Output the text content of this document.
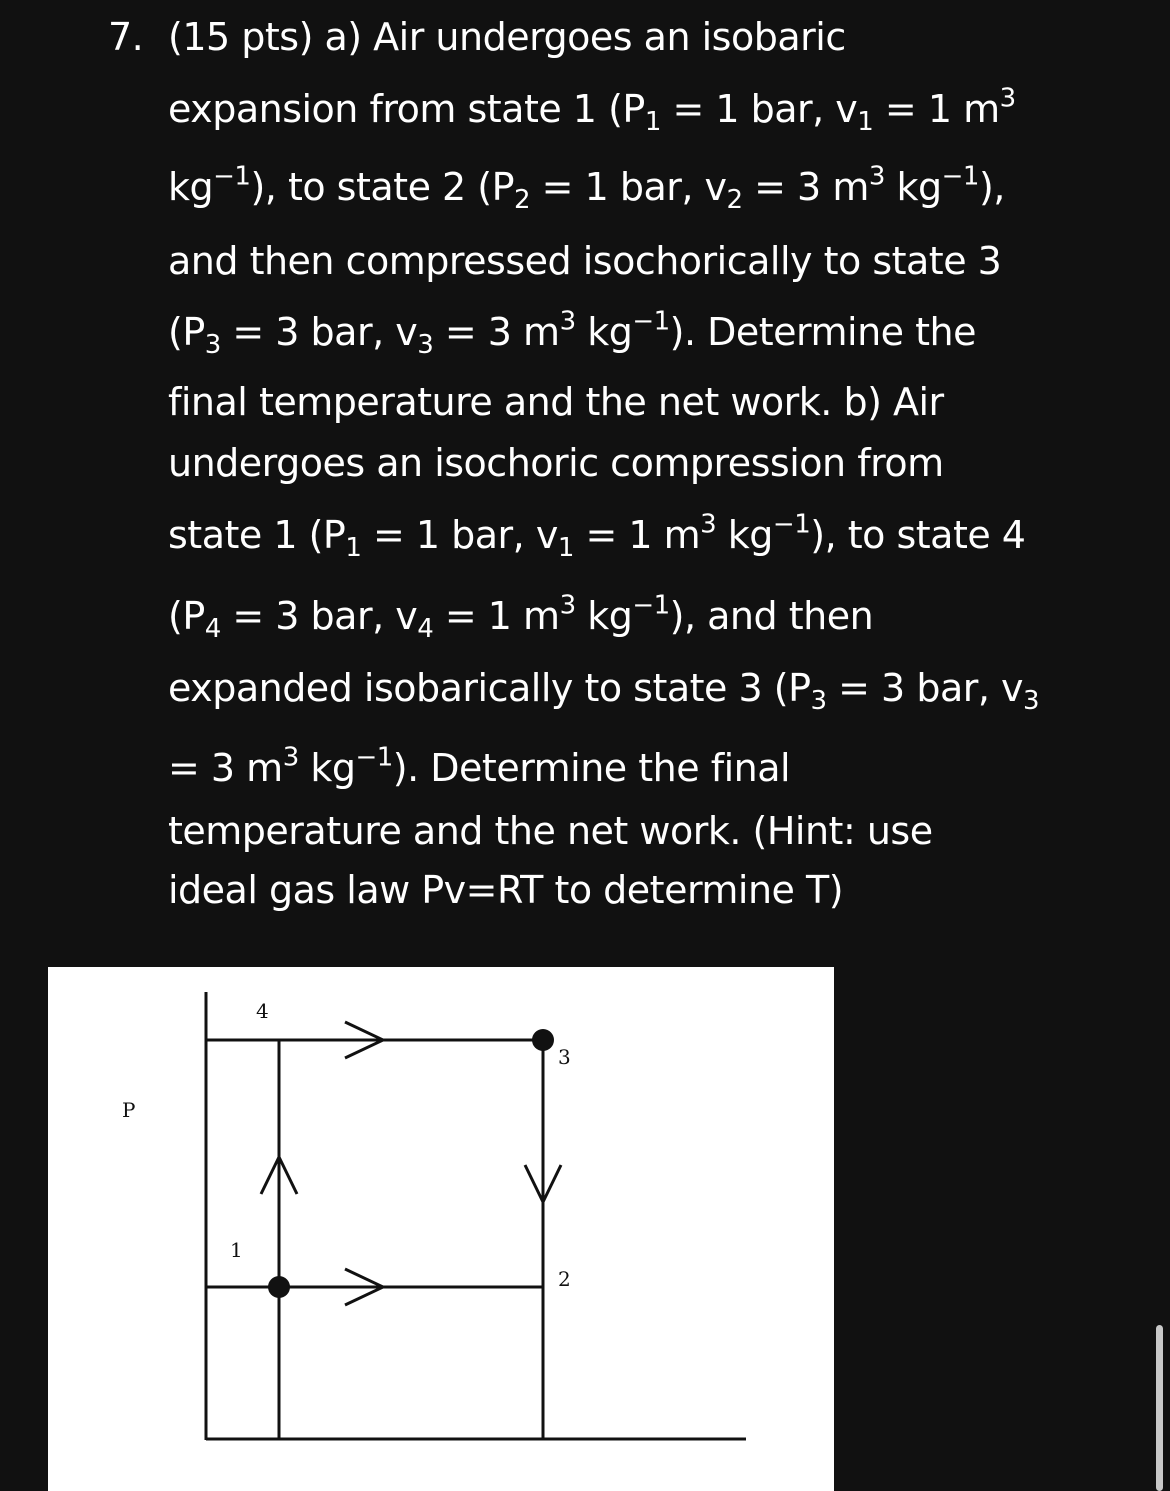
7. (15 pts) a) Air undergoes an isobaric
expansion from state 1 ($P_1 = 1$ bar, $v_1 = 1$ $m^3$
$kg^{-1}$), to state 2 ($P_2 = 1$ bar, $v_2 = 3$ $m^3$ $kg^{-1}$),
and then compressed isochorically to state 3
($P_3 = 3$ bar, $v_3 = 3$ $m^3$ $kg^{-1}$). Determine the
final temperature and the net work. b) Air
undergoes an isochoric compression from
state 1 ($P_1 = 1$ bar, $v_1 = 1$ $m^3$ $kg^{-1}$), to state 4
($P_4 = 3$ bar, $v_4 = 1$ $m^3$ $kg^{-1}$), and then
expanded isobarically to state 3 ($P_3 = 3$ bar, $v_3$
= 3 $m^3$ $kg^{-1}$). Determine the final
temperature and the net work. (Hint: use
ideal gas law Pv=RT to determine T)
P
4
3
1
2
